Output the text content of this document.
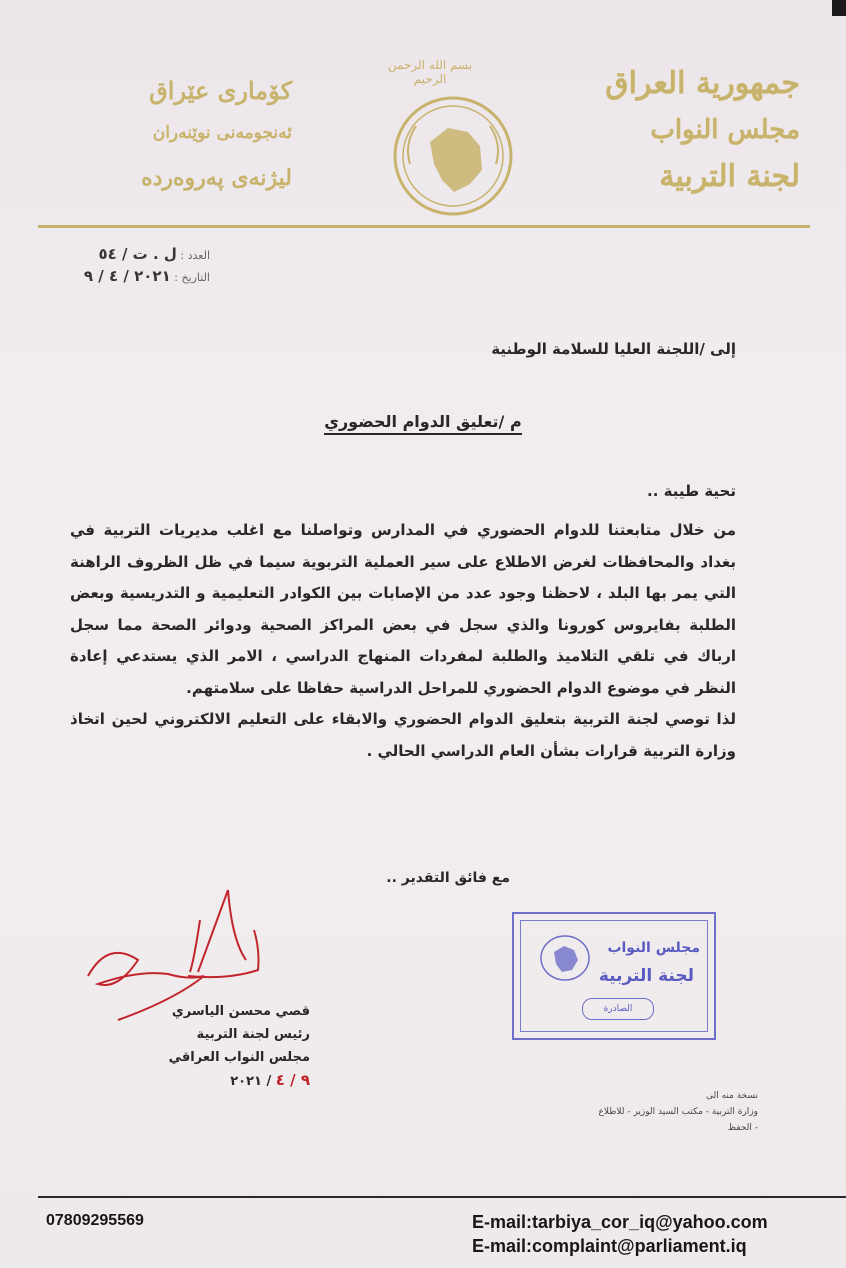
جمهورية العراق
مجلس النواب
لجنة التربية
كۆماری عێراق
ئەنجومەنی نوێنەران
لیژنەی پەروەردە
بسم الله الرحمن الرحيم
العدد : ل . ت / ٥٤
التاريخ : ٢٠٢١ / ٤ / ٩
إلى /اللجنة العليا للسلامة الوطنية
م /تعليق الدوام الحضوري
تحية طيبة ..

من خلال متابعتنا للدوام الحضوري في المدارس وتواصلنا مع اغلب مديريات التربية في بغداد والمحافظات لغرض الاطلاع على سير العملية التربوية سيما في ظل الظروف الراهنة التي يمر بها البلد ، لاحظنا وجود عدد من الإصابات بين الكوادر التعليمية و التدريسية وبعض الطلبة بفايروس كورونا والذي سجل في بعض المراكز الصحية ودوائر الصحة مما سجل ارباك في تلقي التلاميذ والطلبة لمفردات المنهاج الدراسي ، الامر الذي يستدعي إعادة النظر في موضوع الدوام الحضوري للمراحل الدراسية حفاظا على سلامتهم.

لذا توصي لجنة التربية بتعليق الدوام الحضوري والابقاء على التعليم الالكتروني لحين اتخاذ وزارة التربية قرارات بشأن العام الدراسي الحالي .

مع فائق التقدير ..
مجلس النواب
لجنة التربية
الصادرة
قصي محسن الياسري
رئيس لجنة التربية
مجلس النواب العراقي
٩ / ٤ / ٢٠٢١
نسخة منه الى
وزارة التربية - مكتب السيد الوزير - للاطلاع
- الحفظ
07809295569	E-mail:tarbiya_cor_iq@yahoo.com
E-mail:complaint@parliament.iq
